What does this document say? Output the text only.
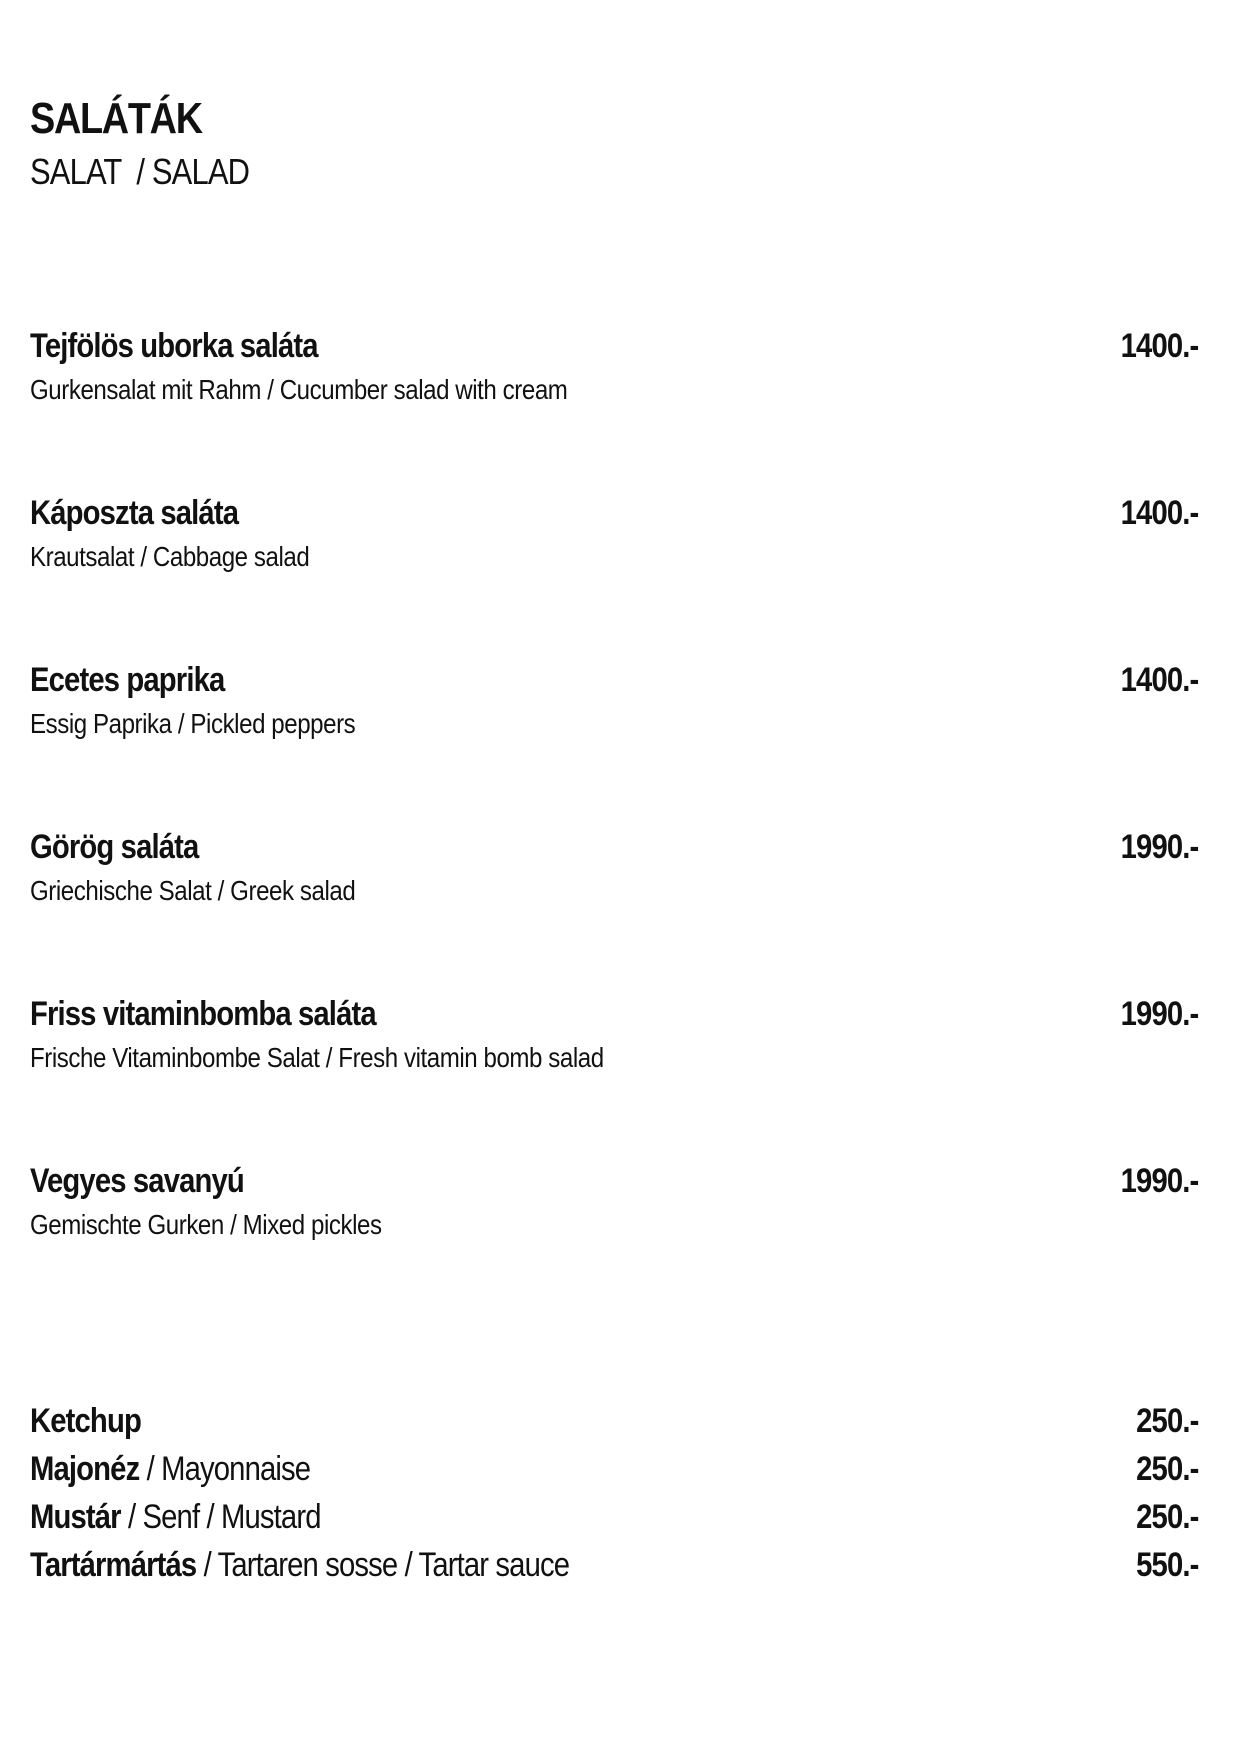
SALÁTÁK
SALAT  / SALAD
Tejfölös uborka saláta	1400.-
Gurkensalat mit Rahm / Cucumber salad with cream
Káposzta saláta	1400.-
Krautsalat / Cabbage salad
Ecetes paprika	1400.-
Essig Paprika / Pickled peppers
Görög saláta	1990.-
Griechische Salat / Greek salad
Friss vitaminbomba saláta	1990.-
Frische Vitaminbombe Salat / Fresh vitamin bomb salad
Vegyes savanyú	1990.-
Gemischte Gurken / Mixed pickles
Ketchup	250.-
Majonéz / Mayonnaise	250.-
Mustár / Senf / Mustard	250.-
Tartármártás / Tartaren sosse / Tartar sauce	550.-
